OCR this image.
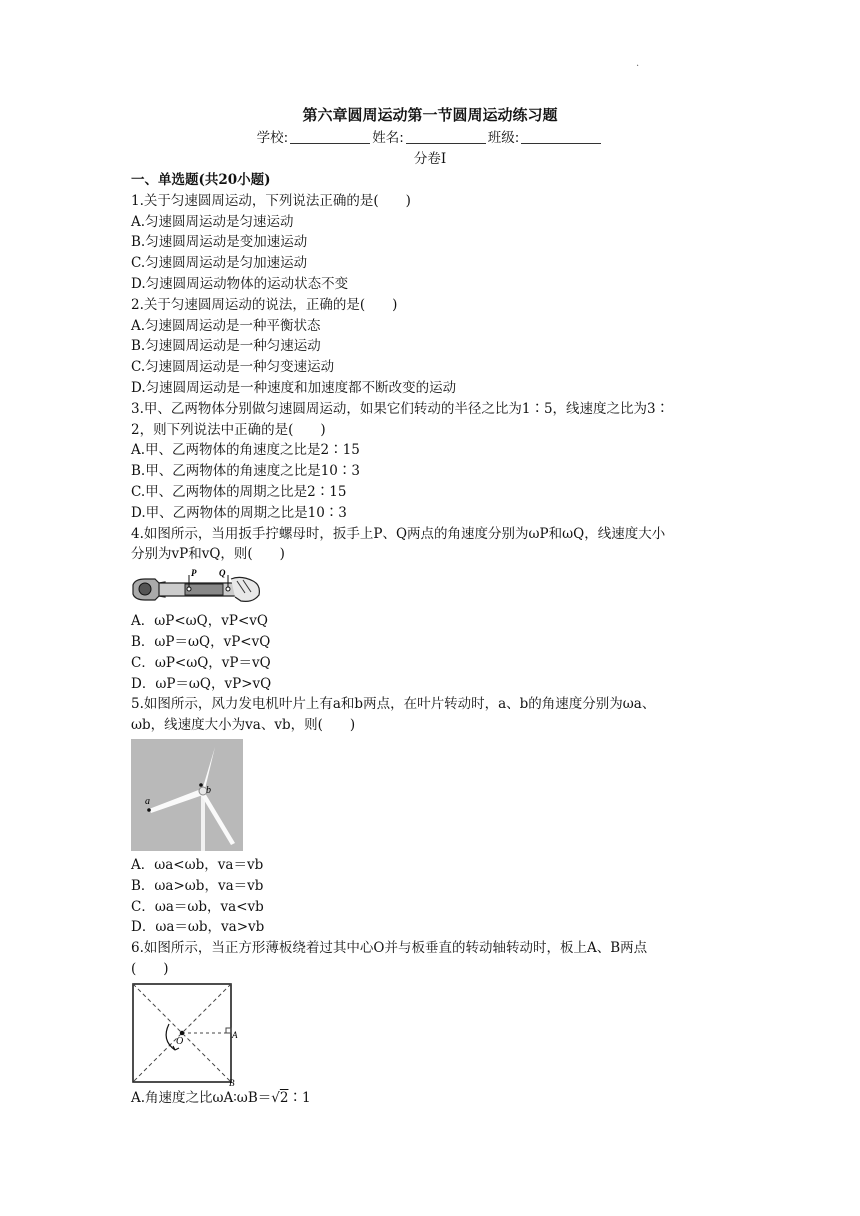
.
第六章圆周运动第一节圆周运动练习题
学校:	姓名:	班级:
分卷I
一、单选题(共20小题)
1.关于匀速圆周运动，下列说法正确的是(　　)
A.匀速圆周运动是匀速运动
B.匀速圆周运动是变加速运动
C.匀速圆周运动是匀加速运动
D.匀速圆周运动物体的运动状态不变
2.关于匀速圆周运动的说法，正确的是(　　)
A.匀速圆周运动是一种平衡状态
B.匀速圆周运动是一种匀速运动
C.匀速圆周运动是一种匀变速运动
D.匀速圆周运动是一种速度和加速度都不断改变的运动
3.甲、乙两物体分别做匀速圆周运动，如果它们转动的半径之比为1∶5，线速度之比为3∶
2，则下列说法中正确的是(　　)
A.甲、乙两物体的角速度之比是2∶15
B.甲、乙两物体的角速度之比是10∶3
C.甲、乙两物体的周期之比是2∶15
D.甲、乙两物体的周期之比是10∶3
4.如图所示，当用扳手拧螺母时，扳手上P、Q两点的角速度分别为ωP和ωQ，线速度大小
分别为vP和vQ，则(　　)
P	Q
A．ωP<ωQ，vP<vQ
B．ωP＝ωQ，vP<vQ
C．ωP<ωQ，vP＝vQ
D．ωP＝ωQ，vP>vQ
5.如图所示，风力发电机叶片上有a和b两点，在叶片转动时，a、b的角速度分别为ωa、
ωb，线速度大小为va、vb，则(　　)
a
b
A．ωa<ωb，va＝vb
B．ωa>ωb，va＝vb
C．ωa＝ωb，va<vb
D．ωa＝ωb，va>vb
6.如图所示，当正方形薄板绕着过其中心O并与板垂直的转动轴转动时，板上A、B两点
(　　)
O
A
B
A.角速度之比ωA∶ωB＝√2∶1
